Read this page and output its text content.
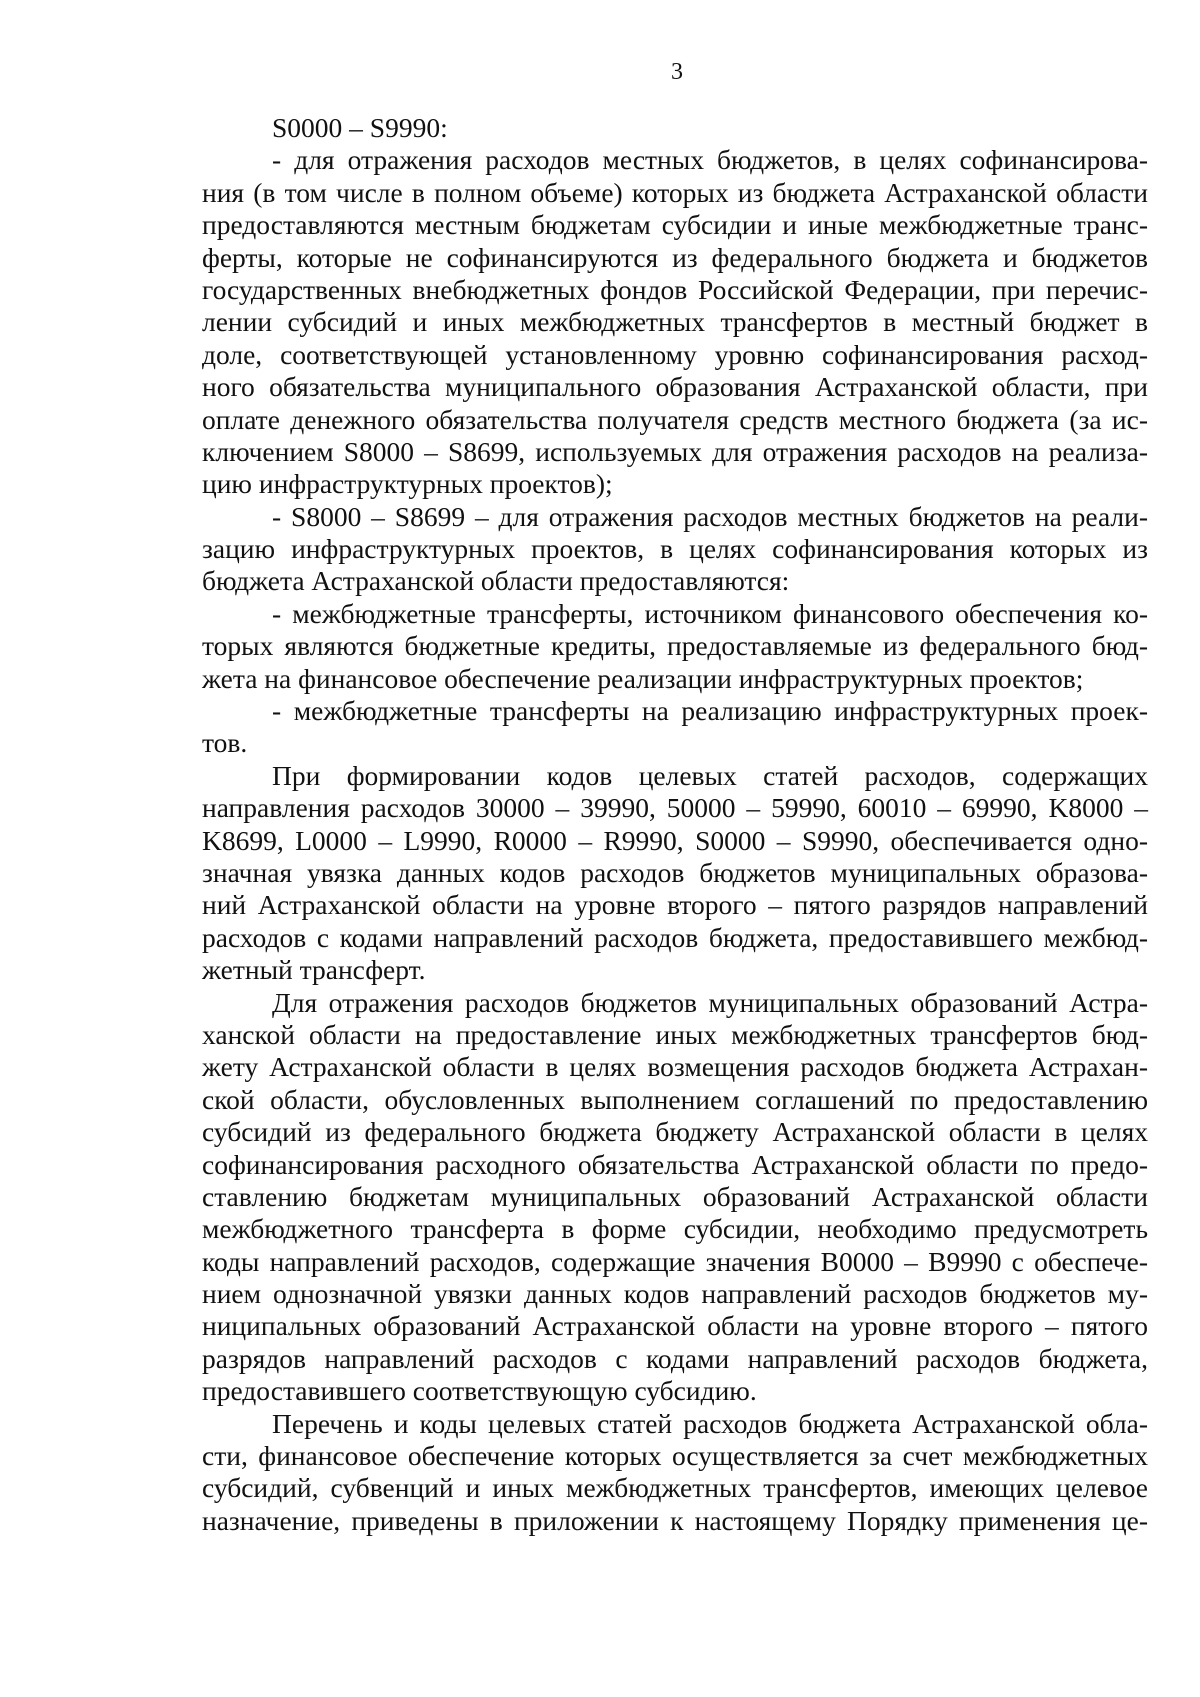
3
S0000 – S9990:
- для отражения расходов местных бюджетов, в целях софинансирова-
ния (в том числе в полном объеме) которых из бюджета Астраханской области
предоставляются местным бюджетам субсидии и иные межбюджетные транс-
ферты, которые не софинансируются из федерального бюджета и бюджетов
государственных внебюджетных фондов Российской Федерации, при перечис-
лении субсидий и иных межбюджетных трансфертов в местный бюджет в
доле, соответствующей установленному уровню софинансирования расход-
ного обязательства муниципального образования Астраханской области, при
оплате денежного обязательства получателя средств местного бюджета (за ис-
ключением S8000 – S8699, используемых для отражения расходов на реализа-
цию инфраструктурных проектов);
- S8000 – S8699 – для отражения расходов местных бюджетов на реали-
зацию инфраструктурных проектов, в целях софинансирования которых из
бюджета Астраханской области предоставляются:
- межбюджетные трансферты, источником финансового обеспечения ко-
торых являются бюджетные кредиты, предоставляемые из федерального бюд-
жета на финансовое обеспечение реализации инфраструктурных проектов;
- межбюджетные трансферты на реализацию инфраструктурных проек-
тов.
При формировании кодов целевых статей расходов, содержащих
направления расходов 30000 – 39990, 50000 – 59990, 60010 – 69990, K8000 –
K8699, L0000 – L9990, R0000 – R9990, S0000 – S9990, обеспечивается одно-
значная увязка данных кодов расходов бюджетов муниципальных образова-
ний Астраханской области на уровне второго – пятого разрядов направлений
расходов с кодами направлений расходов бюджета, предоставившего межбюд-
жетный трансферт.
Для отражения расходов бюджетов муниципальных образований Астра-
ханской области на предоставление иных межбюджетных трансфертов бюд-
жету Астраханской области в целях возмещения расходов бюджета Астрахан-
ской области, обусловленных выполнением соглашений по предоставлению
субсидий из федерального бюджета бюджету Астраханской области в целях
софинансирования расходного обязательства Астраханской области по предо-
ставлению бюджетам муниципальных образований Астраханской области
межбюджетного трансферта в форме субсидии, необходимо предусмотреть
коды направлений расходов, содержащие значения B0000 – B9990 с обеспече-
нием однозначной увязки данных кодов направлений расходов бюджетов му-
ниципальных образований Астраханской области на уровне второго – пятого
разрядов направлений расходов с кодами направлений расходов бюджета,
предоставившего соответствующую субсидию.
Перечень и коды целевых статей расходов бюджета Астраханской обла-
сти, финансовое обеспечение которых осуществляется за счет межбюджетных
субсидий, субвенций и иных межбюджетных трансфертов, имеющих целевое
назначение, приведены в приложении к настоящему Порядку применения це-
